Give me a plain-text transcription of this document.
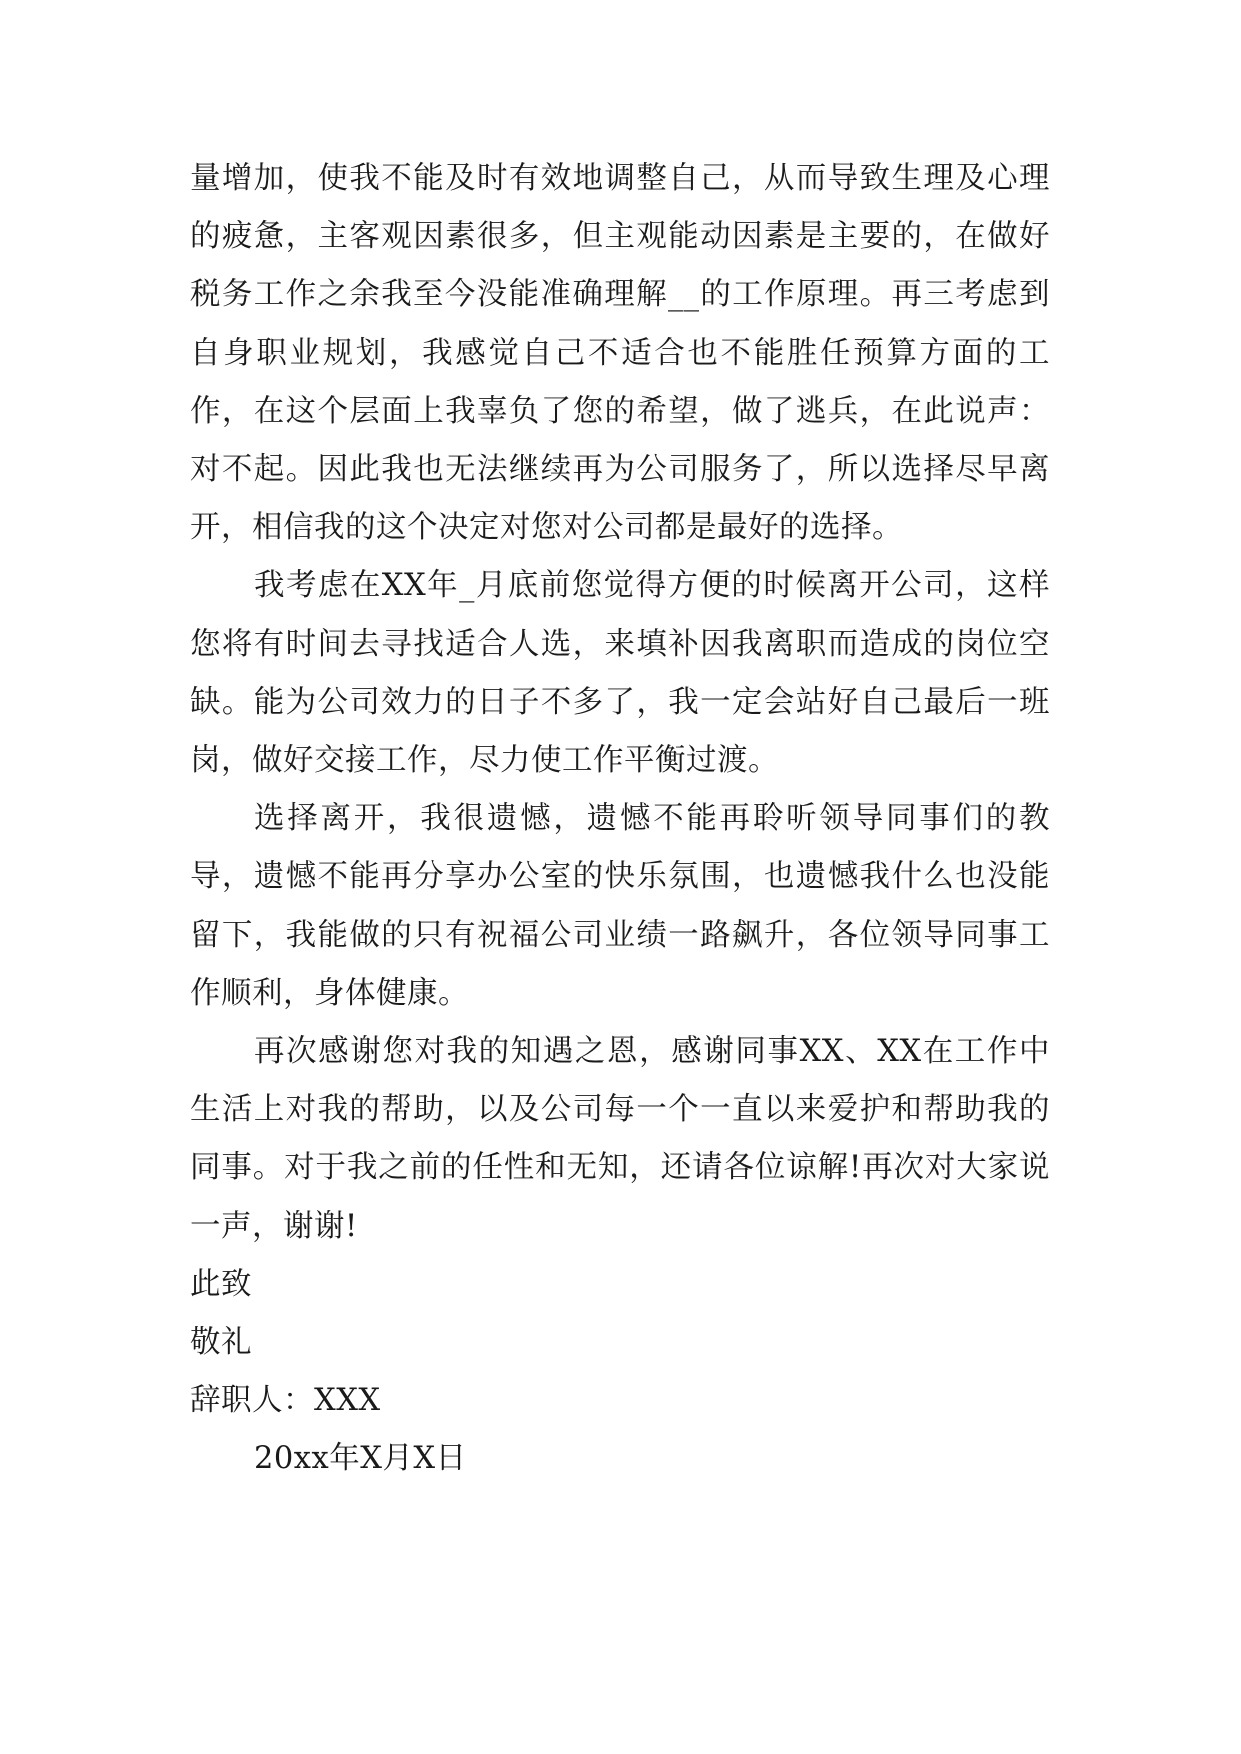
量增加，使我不能及时有效地调整自己，从而导致生理及心理的疲惫，主客观因素很多，但主观能动因素是主要的，在做好税务工作之余我至今没能准确理解__的工作原理。再三考虑到自身职业规划，我感觉自己不适合也不能胜任预算方面的工作，在这个层面上我辜负了您的希望，做了逃兵，在此说声：对不起。因此我也无法继续再为公司服务了，所以选择尽早离开，相信我的这个决定对您对公司都是最好的选择。

我考虑在XX年_月底前您觉得方便的时候离开公司，这样您将有时间去寻找适合人选，来填补因我离职而造成的岗位空缺。能为公司效力的日子不多了，我一定会站好自己最后一班岗，做好交接工作，尽力使工作平衡过渡。

选择离开，我很遗憾，遗憾不能再聆听领导同事们的教导，遗憾不能再分享办公室的快乐氛围，也遗憾我什么也没能留下，我能做的只有祝福公司业绩一路飙升，各位领导同事工作顺利，身体健康。

再次感谢您对我的知遇之恩，感谢同事XX、XX在工作中生活上对我的帮助，以及公司每一个一直以来爱护和帮助我的同事。对于我之前的任性和无知，还请各位谅解!再次对大家说一声，谢谢!

此致

敬礼

辞职人：XXX

20xx年X月X日
